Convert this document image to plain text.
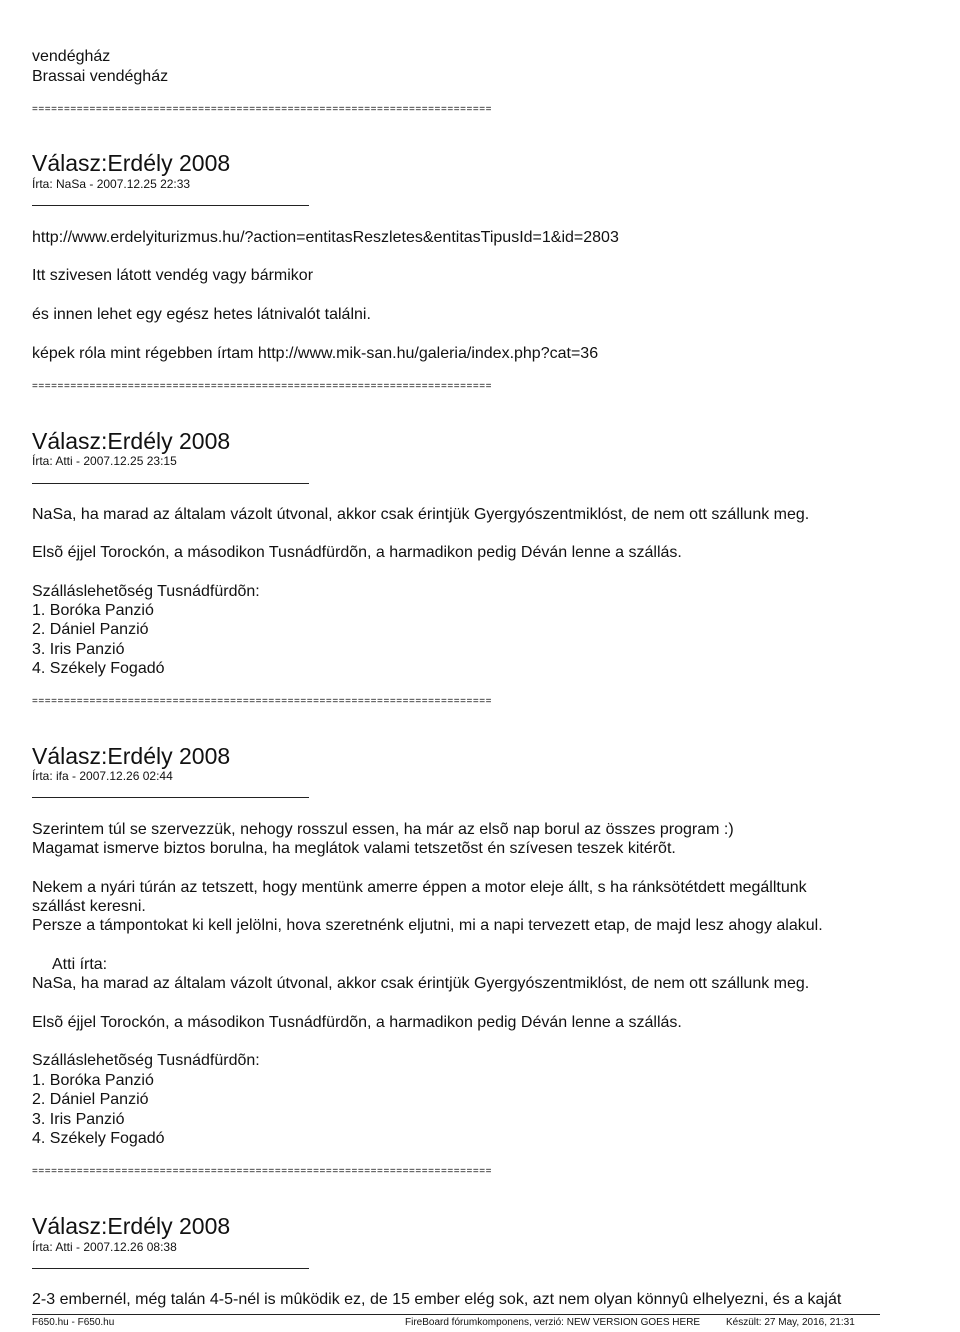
vendégház
Brassai vendégház
========================================================================
Válasz:Erdély 2008
Írta: NaSa - 2007.12.25 22:33
http://www.erdelyiturizmus.hu/?action=entitasReszletes&entitasTipusId=1&id=2803
Itt szivesen látott vendég vagy bármikor
és innen lehet egy egész hetes látnivalót találni.
képek róla mint régebben írtam http://www.mik-san.hu/galeria/index.php?cat=36
========================================================================
Válasz:Erdély 2008
Írta: Atti - 2007.12.25 23:15
NaSa, ha marad az általam vázolt útvonal, akkor csak érintjük Gyergyószentmiklóst, de nem ott szállunk meg.
Elsõ éjjel Torockón, a másodikon Tusnádfürdõn, a harmadikon pedig Déván lenne a szállás.
Szálláslehetõség Tusnádfürdõn:
1. Boróka Panzió
2. Dániel Panzió
3. Iris Panzió
4. Székely Fogadó
========================================================================
Válasz:Erdély 2008
Írta: ifa - 2007.12.26 02:44
Szerintem túl se szervezzük, nehogy rosszul essen, ha már az elsõ nap borul az összes program :)
Magamat ismerve biztos borulna, ha meglátok valami tetszetõst én szívesen teszek kitérõt.
Nekem a nyári túrán az tetszett, hogy mentünk amerre éppen a motor eleje állt, s ha ránksötétdett megálltunk
szállást keresni.
Persze a támpontokat ki kell jelölni, hova szeretnénk eljutni, mi a napi tervezett etap, de majd lesz ahogy alakul.
Atti írta:
NaSa, ha marad az általam vázolt útvonal, akkor csak érintjük Gyergyószentmiklóst, de nem ott szállunk meg.
Elsõ éjjel Torockón, a másodikon Tusnádfürdõn, a harmadikon pedig Déván lenne a szállás.
Szálláslehetõség Tusnádfürdõn:
1. Boróka Panzió
2. Dániel Panzió
3. Iris Panzió
4. Székely Fogadó
========================================================================
Válasz:Erdély 2008
Írta: Atti - 2007.12.26 08:38
2-3 embernél, még talán 4-5-nél is mûködik ez, de 15 ember elég sok, azt nem olyan könnyû elhelyezni, és a kaját
F650.hu - F650.hu	FireBoard fórumkomponens, verzió: NEW VERSION GOES HERE	Készült: 27 May, 2016, 21:31
